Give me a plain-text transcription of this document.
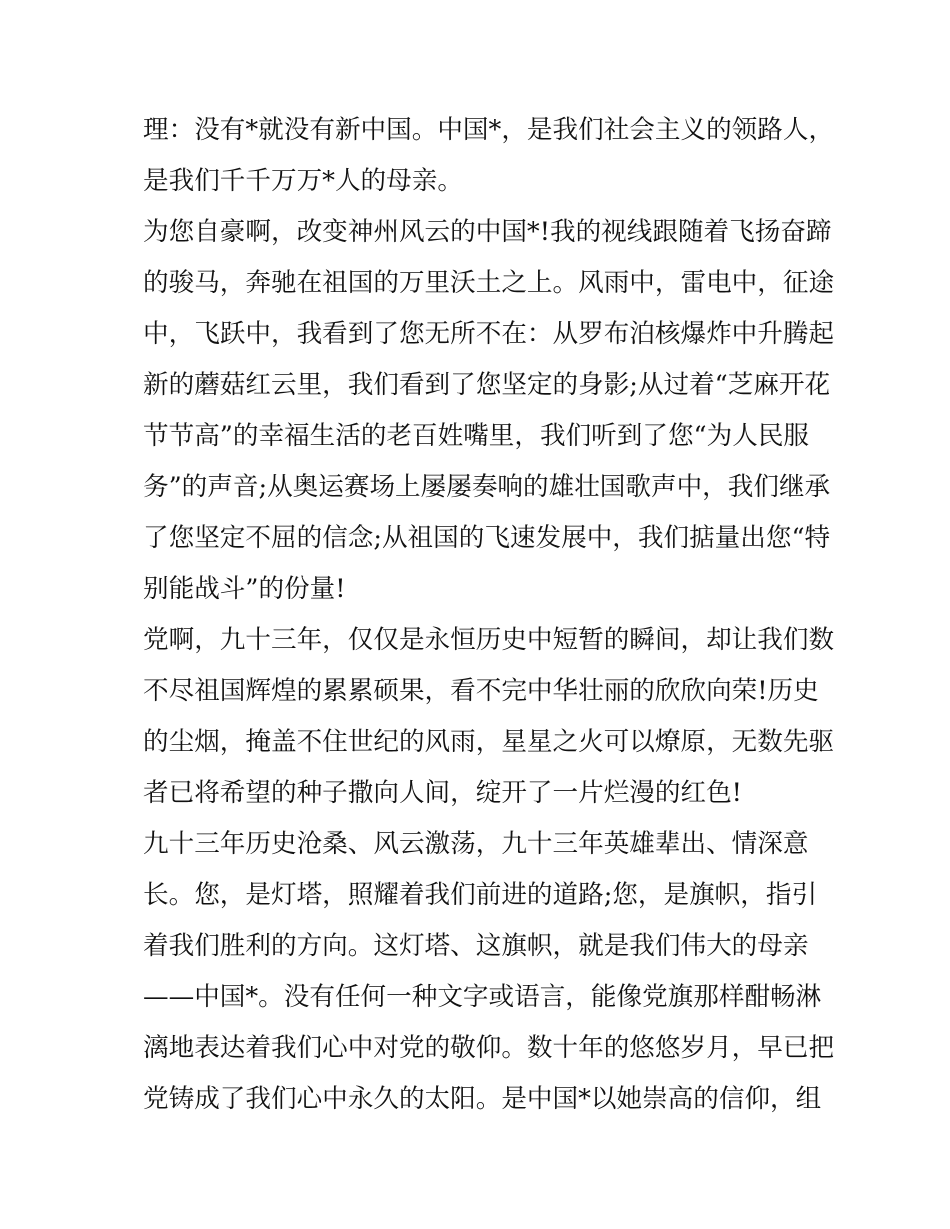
理：没有*就没有新中国。中国*，是我们社会主义的领路人，
是我们千千万万*人的母亲。
为您自豪啊，改变神州风云的中国*!我的视线跟随着飞扬奋蹄
的骏马，奔驰在祖国的万里沃土之上。风雨中，雷电中，征途
中，飞跃中，我看到了您无所不在：从罗布泊核爆炸中升腾起
新的蘑菇红云里，我们看到了您坚定的身影;从过着“芝麻开花
节节高”的幸福生活的老百姓嘴里，我们听到了您“为人民服
务”的声音;从奥运赛场上屡屡奏响的雄壮国歌声中，我们继承
了您坚定不屈的信念;从祖国的飞速发展中，我们掂量出您“特
别能战斗”的份量!
党啊，九十三年，仅仅是永恒历史中短暂的瞬间，却让我们数
不尽祖国辉煌的累累硕果，看不完中华壮丽的欣欣向荣!历史
的尘烟，掩盖不住世纪的风雨，星星之火可以燎原，无数先驱
者已将希望的种子撒向人间，绽开了一片烂漫的红色!
九十三年历史沧桑、风云激荡，九十三年英雄辈出、情深意
长。您，是灯塔，照耀着我们前进的道路;您，是旗帜，指引
着我们胜利的方向。这灯塔、这旗帜，就是我们伟大的母亲
——中国*。没有任何一种文字或语言，能像党旗那样酣畅淋
漓地表达着我们心中对党的敬仰。数十年的悠悠岁月，早已把
党铸成了我们心中永久的太阳。是中国*以她崇高的信仰，组
